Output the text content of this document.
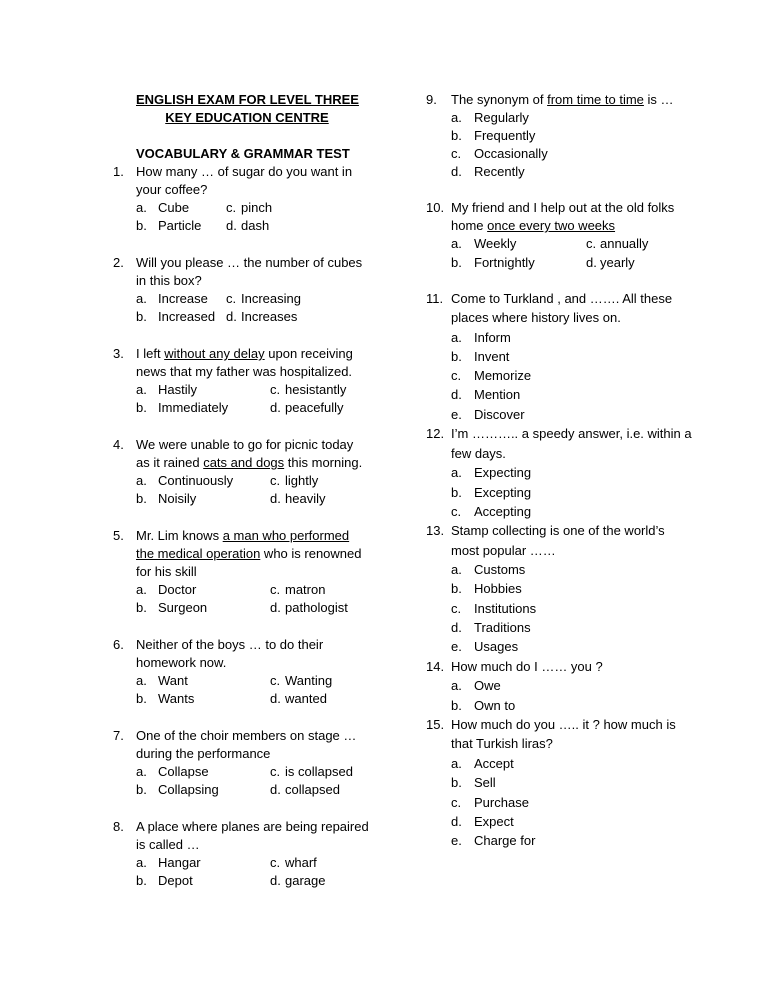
ENGLISH EXAM FOR LEVEL THREE
KEY EDUCATION CENTRE
VOCABULARY & GRAMMAR TEST
1. How many … of sugar do you want in
your coffee?
a. Cube	c. pinch
b. Particle d. dash
2. Will you please … the number of cubes
in this box?
a. Increase c. Increasing
b. Increased d. Increases
3. I left without any delay upon receiving
news that my father was hospitalized.
a. Hastily	c. hesistantly
b. Immediately	d. peacefully
4. We were unable to go for picnic today
as it rained cats and dogs this morning.
a. Continuously	c. lightly
b. Noisily	d. heavily
5. Mr. Lim knows a man who performed
the medical operation who is renowned
for his skill
a. Doctor	c. matron
b. Surgeon	d. pathologist
6. Neither of the boys … to do their
homework now.
a. Want	c. Wanting
b. Wants	d. wanted
7. One of the choir members on stage …
during the performance
a. Collapse	c. is collapsed
b. Collapsing	d. collapsed
8. A place where planes are being repaired
is called …
a. Hangar	c. wharf
b. Depot	d. garage
9. The synonym of from time to time is …
a. Regularly
b. Frequently
c. Occasionally
d. Recently
10. My friend and I help out at the old folks
home once every two weeks
a. Weekly	c. annually
b. Fortnightly	d. yearly
11. Come to Turkland , and ……. All these
places where history lives on.
a. Inform
b. Invent
c. Memorize
d. Mention
e. Discover
12. I’m ……….. a speedy answer, i.e. within a
few days.
a. Expecting
b. Excepting
c. Accepting
13. Stamp collecting is one of the world’s
most popular ……
a. Customs
b. Hobbies
c. Institutions
d. Traditions
e. Usages
14. How much do I …… you ?
a. Owe
b. Own to
15. How much do you ….. it ? how much is
that Turkish liras?
a. Accept
b. Sell
c. Purchase
d. Expect
e. Charge for
